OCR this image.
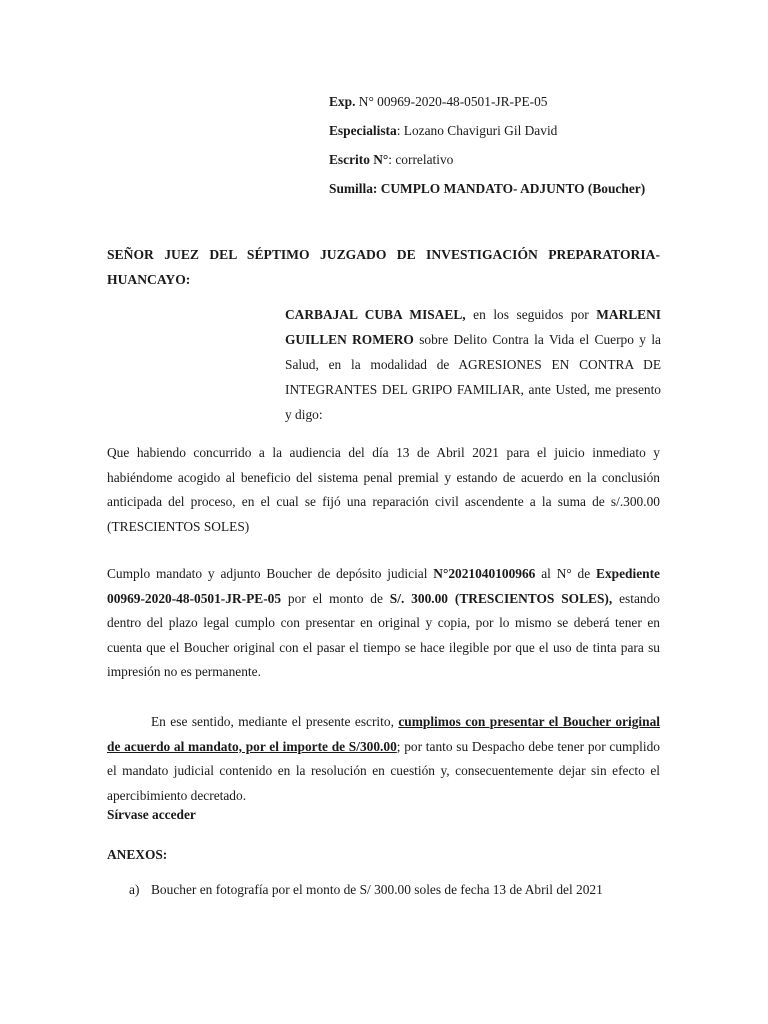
Exp. N° 00969-2020-48-0501-JR-PE-05
Especialista: Lozano Chaviguri Gil David
Escrito N°: correlativo
Sumilla: CUMPLO MANDATO- ADJUNTO (Boucher)
SEÑOR JUEZ DEL SÉPTIMO JUZGADO DE INVESTIGACIÓN PREPARATORIA-HUANCAYO:
CARBAJAL CUBA MISAEL, en los seguidos por MARLENI GUILLEN ROMERO sobre Delito Contra la Vida el Cuerpo y la Salud, en la modalidad de AGRESIONES EN CONTRA DE INTEGRANTES DEL GRIPO FAMILIAR, ante Usted, me presento y digo:
Que habiendo concurrido a la audiencia del día 13 de Abril 2021 para el juicio inmediato y habiéndome acogido al beneficio del sistema penal premial y estando de acuerdo en la conclusión anticipada del proceso, en el cual se fijó una reparación civil ascendente a la suma de s/.300.00 (TRESCIENTOS SOLES)
Cumplo mandato y adjunto Boucher de depósito judicial N°2021040100966 al N° de Expediente 00969-2020-48-0501-JR-PE-05 por el monto de S/. 300.00 (TRESCIENTOS SOLES), estando dentro del plazo legal cumplo con presentar en original y copia, por lo mismo se deberá tener en cuenta que el Boucher original con el pasar el tiempo se hace ilegible por que el uso de tinta para su impresión no es permanente.
En ese sentido, mediante el presente escrito, cumplimos con presentar el Boucher original de acuerdo al mandato, por el importe de S/300.00; por tanto su Despacho debe tener por cumplido el mandato judicial contenido en la resolución en cuestión y, consecuentemente dejar sin efecto el apercibimiento decretado.
Sírvase acceder
ANEXOS:
a) Boucher en fotografía por el monto de S/ 300.00 soles de fecha 13 de Abril del 2021
